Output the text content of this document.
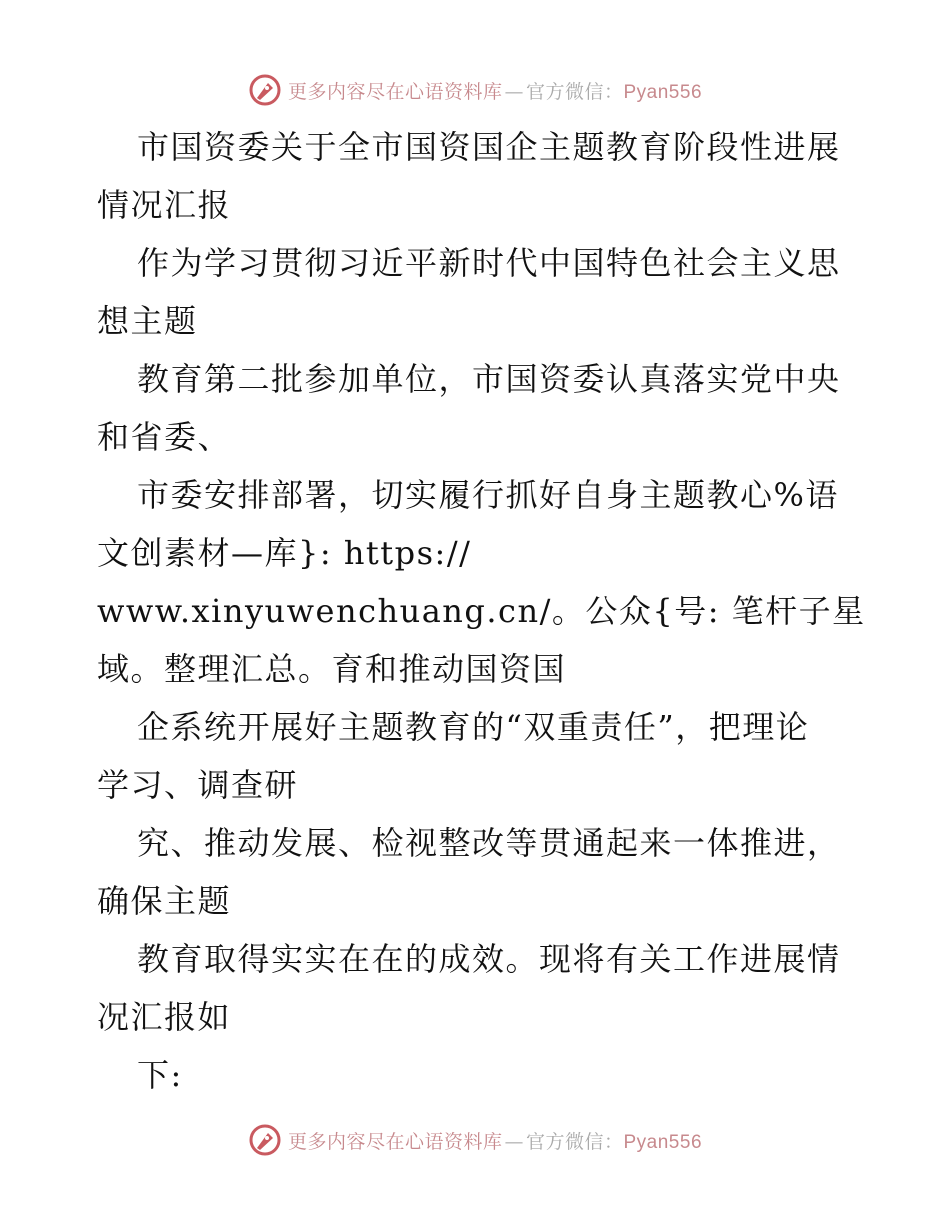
更多内容尽在心语资料库 — 官方微信：Pyan556
市国资委关于全市国资国企主题教育阶段性进展
情况汇报
作为学习贯彻习近平新时代中国特色社会主义思
想主题
教育第二批参加单位，市国资委认真落实党中央
和省委、
市委安排部署，切实履行抓好自身主题教心%语
文创素材—库}: https://
www.xinyuwenchuang.cn/。公众{号: 笔杆子星
域。整理汇总。育和推动国资国
企系统开展好主题教育的“双重责任”，把理论
学习、调查研
究、推动发展、检视整改等贯通起来一体推进，
确保主题
教育取得实实在在的成效。现将有关工作进展情
况汇报如
下:
更多内容尽在心语资料库 — 官方微信：Pyan556
